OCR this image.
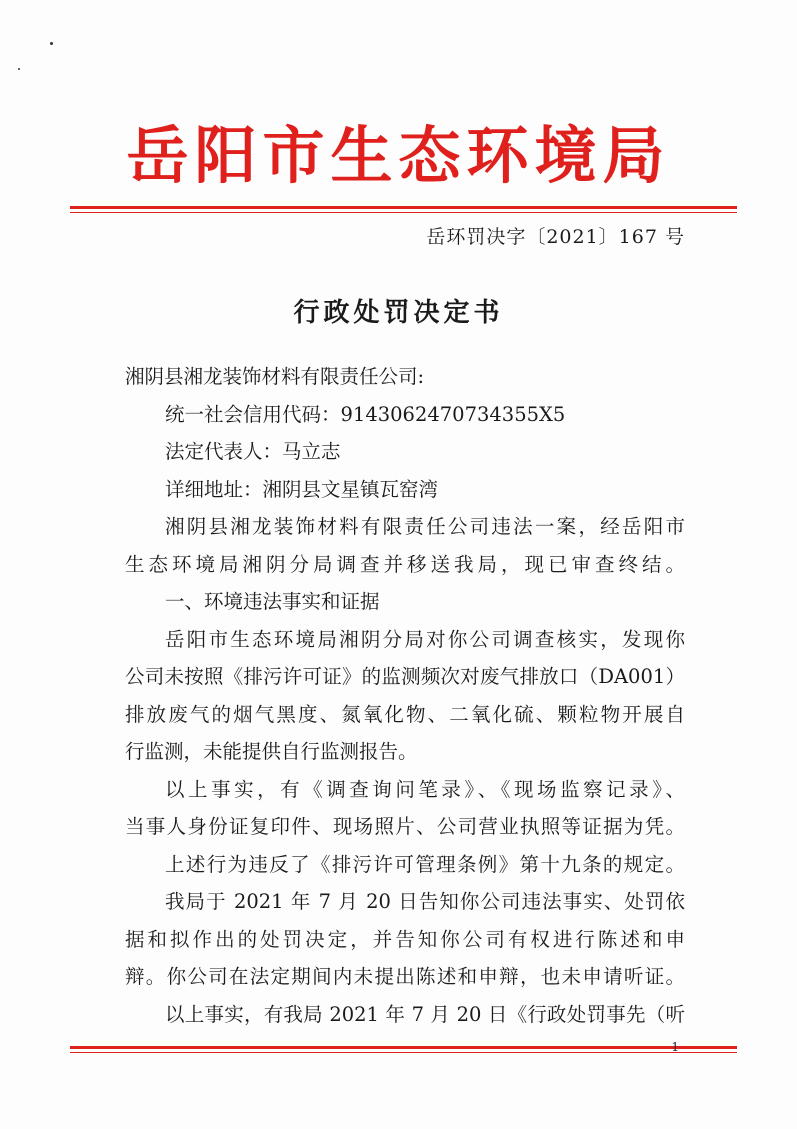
岳阳市生态环境局
岳环罚决字〔2021〕167 号
行政处罚决定书
湘阴县湘龙装饰材料有限责任公司:
统一社会信用代码：9143062470734355X5
法定代表人：马立志
详细地址：湘阴县文星镇瓦窑湾
湘阴县湘龙装饰材料有限责任公司违法一案，经岳阳市
生态环境局湘阴分局调查并移送我局，现已审查终结。
一、环境违法事实和证据
岳阳市生态环境局湘阴分局对你公司调查核实，发现你
公司未按照《排污许可证》的监测频次对废气排放口（DA001）
排放废气的烟气黑度、氮氧化物、二氧化硫、颗粒物开展自
行监测，未能提供自行监测报告。
以上事实，有《调查询问笔录》、《现场监察记录》、
当事人身份证复印件、现场照片、公司营业执照等证据为凭。
上述行为违反了《排污许可管理条例》第十九条的规定。
我局于 2021 年 7 月 20 日告知你公司违法事实、处罚依
据和拟作出的处罚决定，并告知你公司有权进行陈述和申
辩。你公司在法定期间内未提出陈述和申辩，也未申请听证。
以上事实，有我局 2021 年 7 月 20 日《行政处罚事先（听
1
